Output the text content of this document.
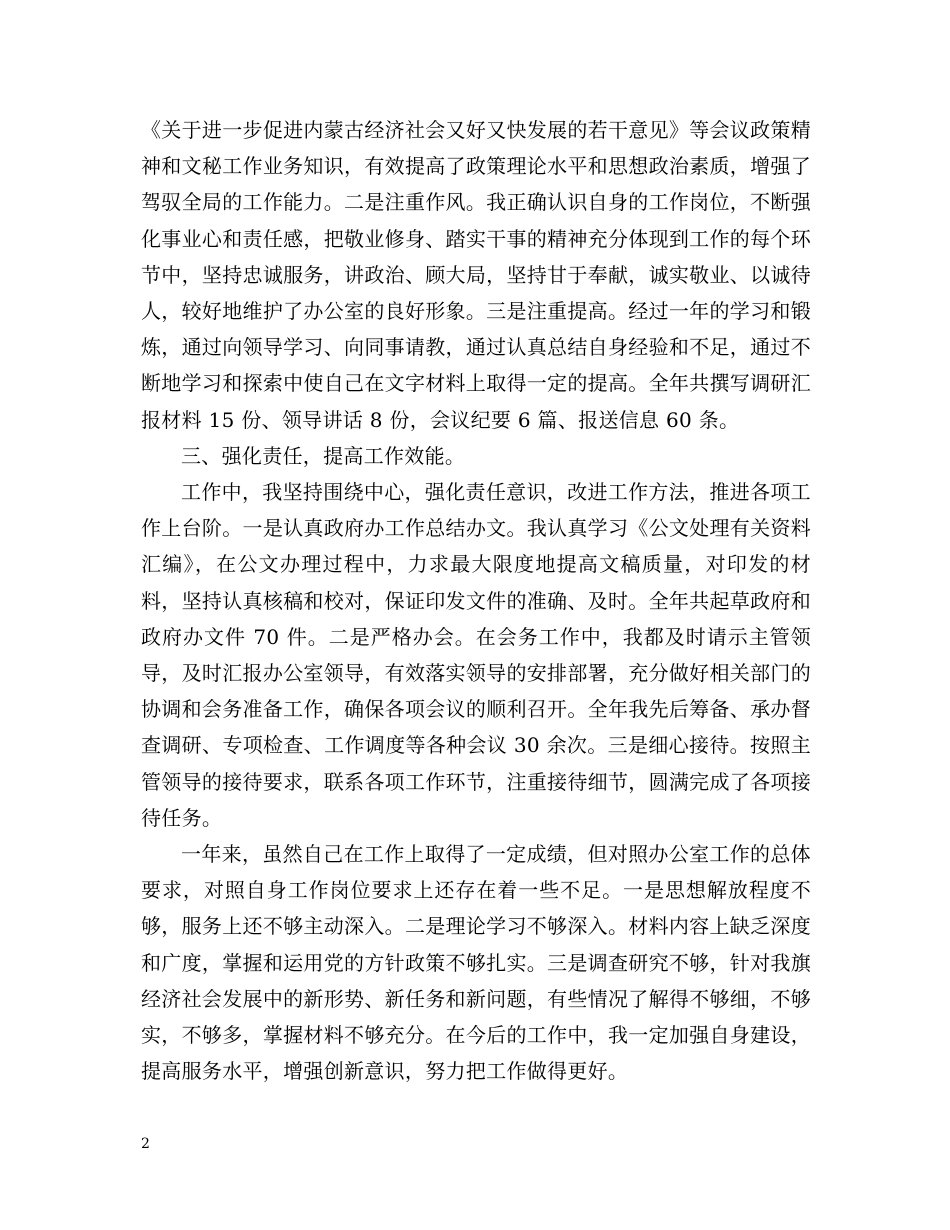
《关于进一步促进内蒙古经济社会又好又快发展的若干意见》等会议政策精神和文秘工作业务知识，有效提高了政策理论水平和思想政治素质，增强了驾驭全局的工作能力。二是注重作风。我正确认识自身的工作岗位，不断强化事业心和责任感，把敬业修身、踏实干事的精神充分体现到工作的每个环节中，坚持忠诚服务，讲政治、顾大局，坚持甘于奉献，诚实敬业、以诚待人，较好地维护了办公室的良好形象。三是注重提高。经过一年的学习和锻炼，通过向领导学习、向同事请教，通过认真总结自身经验和不足，通过不断地学习和探索中使自己在文字材料上取得一定的提高。全年共撰写调研汇报材料 15 份、领导讲话 8 份，会议纪要 6 篇、报送信息 60 条。

三、强化责任，提高工作效能。

工作中，我坚持围绕中心，强化责任意识，改进工作方法，推进各项工作上台阶。一是认真政府办工作总结办文。我认真学习《公文处理有关资料汇编》，在公文办理过程中，力求最大限度地提高文稿质量，对印发的材料，坚持认真核稿和校对，保证印发文件的准确、及时。全年共起草政府和政府办文件 70 件。二是严格办会。在会务工作中，我都及时请示主管领导，及时汇报办公室领导，有效落实领导的安排部署，充分做好相关部门的协调和会务准备工作，确保各项会议的顺利召开。全年我先后筹备、承办督查调研、专项检查、工作调度等各种会议 30 余次。三是细心接待。按照主管领导的接待要求，联系各项工作环节，注重接待细节，圆满完成了各项接待任务。

一年来，虽然自己在工作上取得了一定成绩，但对照办公室工作的总体要求，对照自身工作岗位要求上还存在着一些不足。一是思想解放程度不够，服务上还不够主动深入。二是理论学习不够深入。材料内容上缺乏深度和广度，掌握和运用党的方针政策不够扎实。三是调查研究不够，针对我旗经济社会发展中的新形势、新任务和新问题，有些情况了解得不够细，不够实，不够多，掌握材料不够充分。在今后的工作中，我一定加强自身建设，提高服务水平，增强创新意识，努力把工作做得更好。

2
